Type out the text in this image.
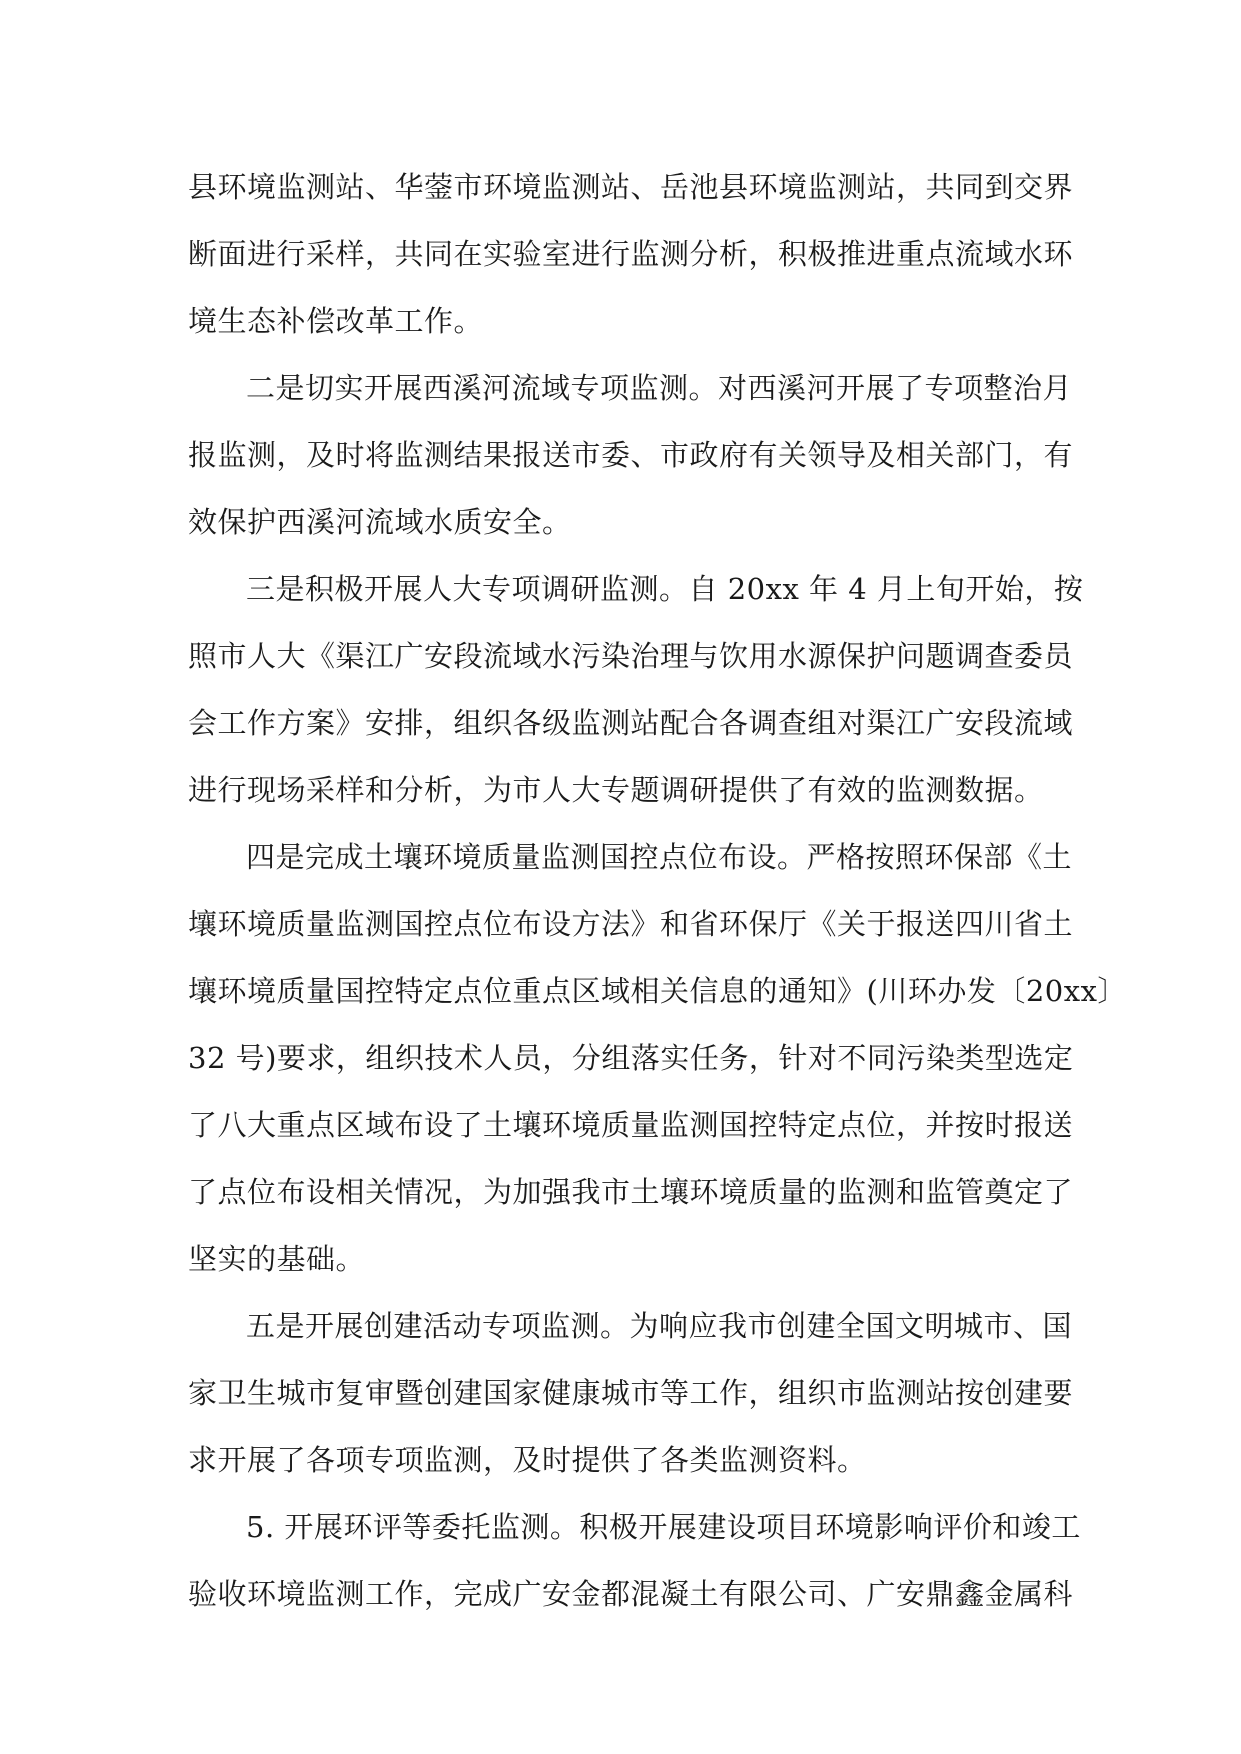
县环境监测站、华蓥市环境监测站、岳池县环境监测站，共同到交界
断面进行采样，共同在实验室进行监测分析，积极推进重点流域水环
境生态补偿改革工作。

二是切实开展西溪河流域专项监测。对西溪河开展了专项整治月
报监测，及时将监测结果报送市委、市政府有关领导及相关部门，有
效保护西溪河流域水质安全。

三是积极开展人大专项调研监测。自 20xx 年 4 月上旬开始，按
照市人大《渠江广安段流域水污染治理与饮用水源保护问题调查委员
会工作方案》安排，组织各级监测站配合各调查组对渠江广安段流域
进行现场采样和分析，为市人大专题调研提供了有效的监测数据。

四是完成土壤环境质量监测国控点位布设。严格按照环保部《土
壤环境质量监测国控点位布设方法》和省环保厅《关于报送四川省土
壤环境质量国控特定点位重点区域相关信息的通知》(川环办发〔20xx〕
32 号)要求，组织技术人员，分组落实任务，针对不同污染类型选定
了八大重点区域布设了土壤环境质量监测国控特定点位，并按时报送
了点位布设相关情况，为加强我市土壤环境质量的监测和监管奠定了
坚实的基础。

五是开展创建活动专项监测。为响应我市创建全国文明城市、国
家卫生城市复审暨创建国家健康城市等工作，组织市监测站按创建要
求开展了各项专项监测，及时提供了各类监测资料。

5. 开展环评等委托监测。积极开展建设项目环境影响评价和竣工
验收环境监测工作，完成广安金都混凝土有限公司、广安鼎鑫金属科
